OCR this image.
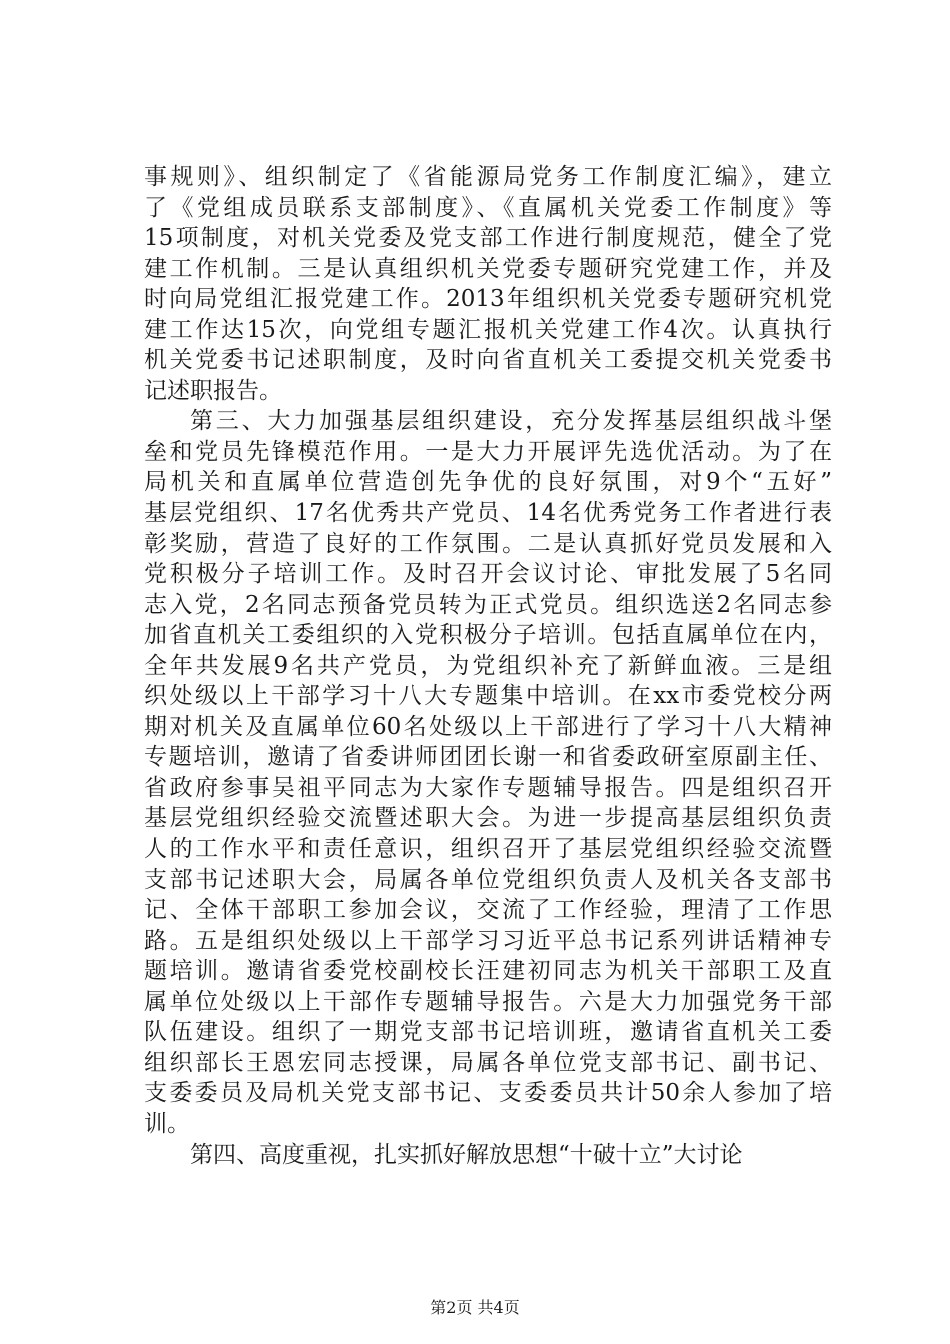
事规则》、组织制定了《省能源局党务工作制度汇编》，建立
了《党组成员联系支部制度》、《直属机关党委工作制度》等
15项制度，对机关党委及党支部工作进行制度规范，健全了党
建工作机制。三是认真组织机关党委专题研究党建工作，并及
时向局党组汇报党建工作。2013年组织机关党委专题研究机党
建工作达15次，向党组专题汇报机关党建工作4次。认真执行
机关党委书记述职制度，及时向省直机关工委提交机关党委书
记述职报告。
第三、大力加强基层组织建设，充分发挥基层组织战斗堡
垒和党员先锋模范作用。一是大力开展评先选优活动。为了在
局机关和直属单位营造创先争优的良好氛围，对9个“五好”
基层党组织、17名优秀共产党员、14名优秀党务工作者进行表
彰奖励，营造了良好的工作氛围。二是认真抓好党员发展和入
党积极分子培训工作。及时召开会议讨论、审批发展了5名同
志入党，2名同志预备党员转为正式党员。组织选送2名同志参
加省直机关工委组织的入党积极分子培训。包括直属单位在内，
全年共发展9名共产党员，为党组织补充了新鲜血液。三是组
织处级以上干部学习十八大专题集中培训。在xx市委党校分两
期对机关及直属单位60名处级以上干部进行了学习十八大精神
专题培训，邀请了省委讲师团团长谢一和省委政研室原副主任、
省政府参事吴祖平同志为大家作专题辅导报告。四是组织召开
基层党组织经验交流暨述职大会。为进一步提高基层组织负责
人的工作水平和责任意识，组织召开了基层党组织经验交流暨
支部书记述职大会，局属各单位党组织负责人及机关各支部书
记、全体干部职工参加会议，交流了工作经验，理清了工作思
路。五是组织处级以上干部学习习近平总书记系列讲话精神专
题培训。邀请省委党校副校长汪建初同志为机关干部职工及直
属单位处级以上干部作专题辅导报告。六是大力加强党务干部
队伍建设。组织了一期党支部书记培训班，邀请省直机关工委
组织部长王恩宏同志授课，局属各单位党支部书记、副书记、
支委委员及局机关党支部书记、支委委员共计50余人参加了培
训。
第四、高度重视，扎实抓好解放思想“十破十立”大讨论
第2页 共4页
